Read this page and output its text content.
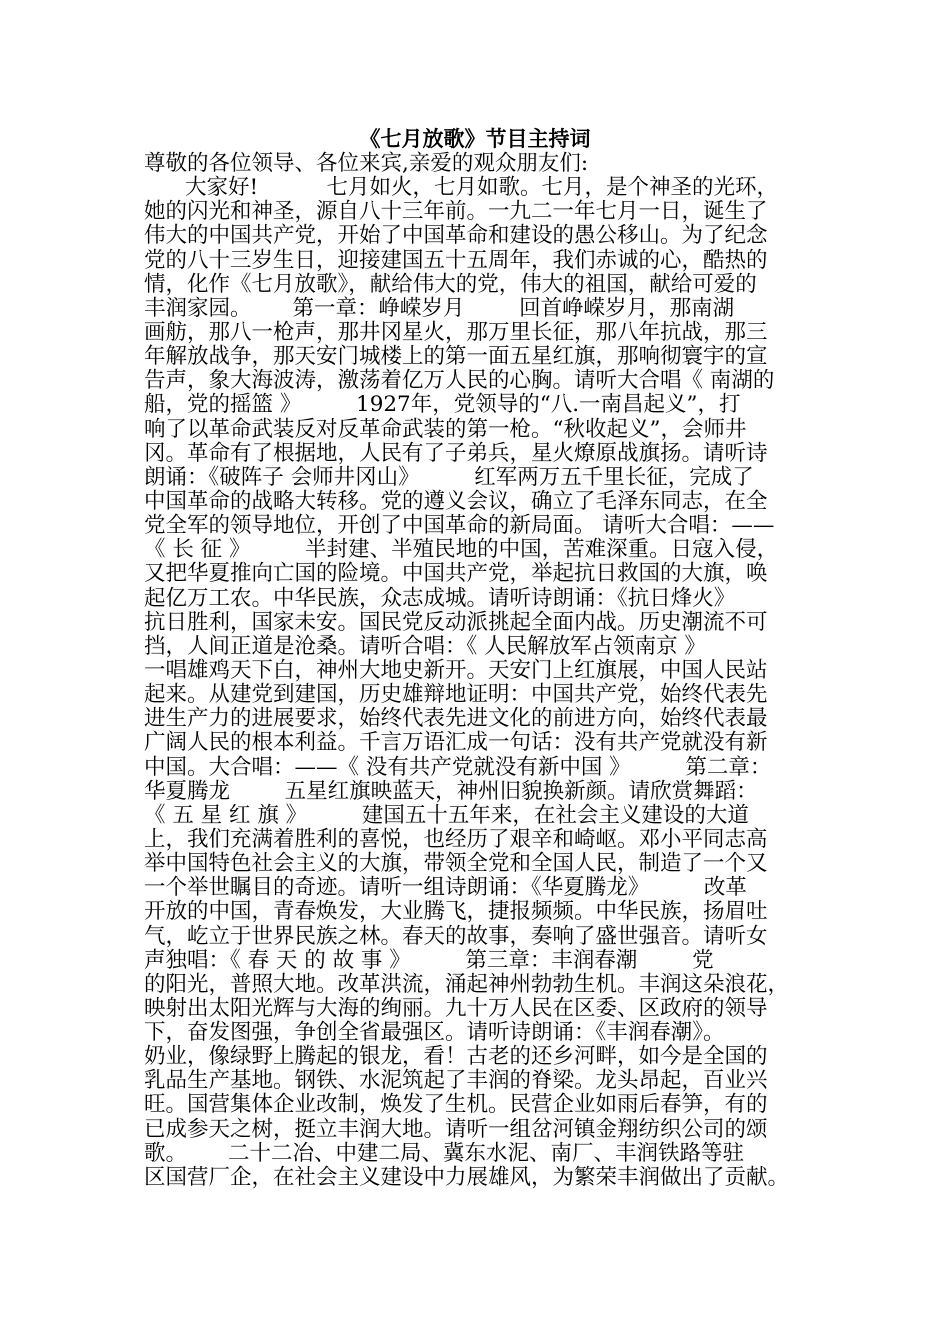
《七月放歌》节目主持词
尊敬的各位领导、各位来宾,亲爱的观众朋友们:
大家好!          七月如火，七月如歌。七月，是个神圣的光环，
她的闪光和神圣，源自八十三年前。一九二一年七月一日，诞生了
伟大的中国共产党，开始了中国革命和建设的愚公移山。为了纪念
党的八十三岁生日，迎接建国五十五周年，我们赤诚的心，酷热的
情，化作《七月放歌》，献给伟大的党，伟大的祖国，献给可爱的
丰润家园。      第一章：峥嵘岁月        回首峥嵘岁月，那南湖
画舫，那八一枪声，那井冈星火，那万里长征，那八年抗战，那三
年解放战争，那天安门城楼上的第一面五星红旗，那响彻寰宇的宣
告声，象大海波涛，激荡着亿万人民的心胸。请听大合唱《 南湖的
船，党的摇篮 》        1927年，党领导的“八.一南昌起义”，打
响了以革命武装反对反革命武装的第一枪。“秋收起义”，会师井
冈。革命有了根据地，人民有了子弟兵，星火燎原战旗扬。请听诗
朗诵：《破阵子 会师井冈山》        红军两万五千里长征，完成了
中国革命的战略大转移。党的遵义会议，确立了毛泽东同志，在全
党全军的领导地位，开创了中国革命的新局面。 请听大合唱：——
《 长 征 》        半封建、半殖民地的中国，苦难深重。日寇入侵，
又把华夏推向亡国的险境。中国共产党，举起抗日救国的大旗，唤
起亿万工农。中华民族，众志成城。请听诗朗诵：《抗日烽火》
抗日胜利，国家未安。国民党反动派挑起全面内战。历史潮流不可
挡，人间正道是沧桑。请听合唱：《 人民解放军占领南京 》
一唱雄鸡天下白，神州大地史新开。天安门上红旗展，中国人民站
起来。从建党到建国，历史雄辩地证明：中国共产党，始终代表先
进生产力的进展要求，始终代表先进文化的前进方向，始终代表最
广阔人民的根本利益。千言万语汇成一句话：没有共产党就没有新
中国。大合唱：——《 没有共产党就没有新中国 》        第二章：
华夏腾龙        五星红旗映蓝天，神州旧貌换新颜。请欣赏舞蹈：
《 五 星 红 旗 》        建国五十五年来，在社会主义建设的大道
上，我们充满着胜利的喜悦，也经历了艰辛和崎岖。邓小平同志高
举中国特色社会主义的大旗，带领全党和全国人民，制造了一个又
一个举世瞩目的奇迹。请听一组诗朗诵：《华夏腾龙》        改革
开放的中国，青春焕发，大业腾飞，捷报频频。中华民族，扬眉吐
气，屹立于世界民族之林。春天的故事，奏响了盛世强音。请听女
声独唱：《 春 天 的 故 事 》        第三章：丰润春潮        党
的阳光，普照大地。改革洪流，涌起神州勃勃生机。丰润这朵浪花，
映射出太阳光辉与大海的绚丽。九十万人民在区委、区政府的领导
下，奋发图强，争创全省最强区。请听诗朗诵：《丰润春潮》。
奶业，像绿野上腾起的银龙，看！古老的还乡河畔，如今是全国的
乳品生产基地。钢铁、水泥筑起了丰润的脊梁。龙头昂起，百业兴
旺。国营集体企业改制，焕发了生机。民营企业如雨后春笋，有的
已成参天之树，挺立丰润大地。请听一组岔河镇金翔纺织公司的颂
歌。      二十二冶、中建二局、冀东水泥、南厂、丰润铁路等驻
区国营厂企，在社会主义建设中力展雄风，为繁荣丰润做出了贡献。
